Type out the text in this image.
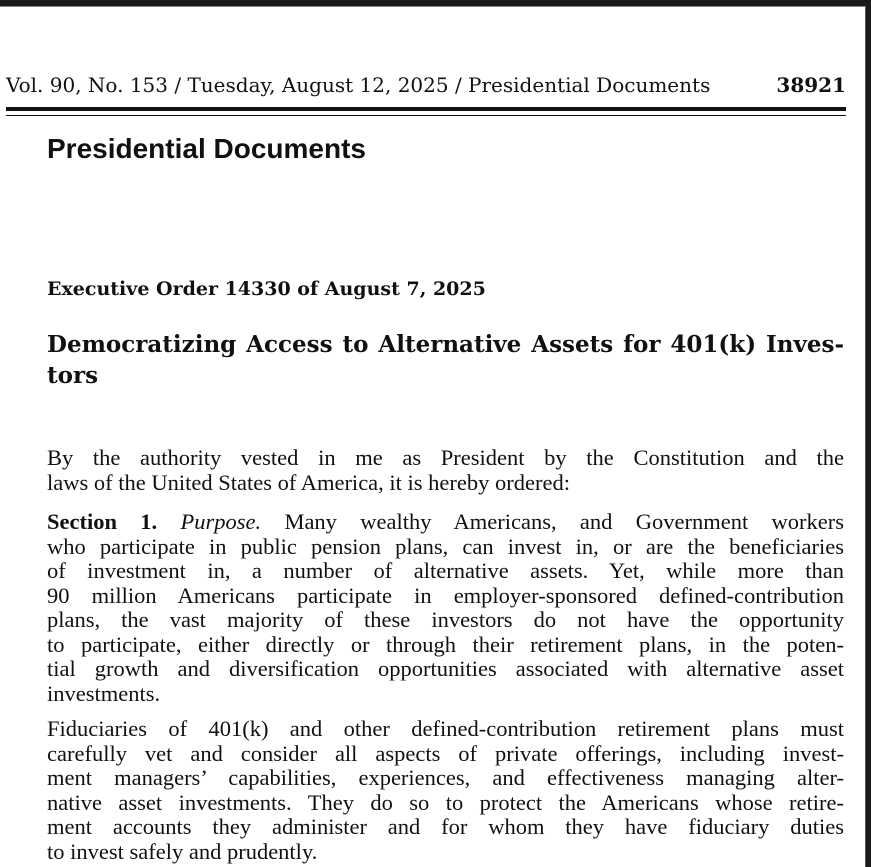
Vol. 90, No. 153 / Tuesday, August 12, 2025 / Presidential Documents	38921
Presidential Documents
Executive Order 14330 of August 7, 2025
Democratizing Access to Alternative Assets for 401(k) Inves-
tors
By the authority vested in me as President by the Constitution and the
laws of the United States of America, it is hereby ordered:
Section 1. Purpose. Many wealthy Americans, and Government workers
who participate in public pension plans, can invest in, or are the beneficiaries
of investment in, a number of alternative assets. Yet, while more than
90 million Americans participate in employer-sponsored defined-contribution
plans, the vast majority of these investors do not have the opportunity
to participate, either directly or through their retirement plans, in the poten-
tial growth and diversification opportunities associated with alternative asset
investments.
Fiduciaries of 401(k) and other defined-contribution retirement plans must
carefully vet and consider all aspects of private offerings, including invest-
ment managers’ capabilities, experiences, and effectiveness managing alter-
native asset investments. They do so to protect the Americans whose retire-
ment accounts they administer and for whom they have fiduciary duties
to invest safely and prudently.
